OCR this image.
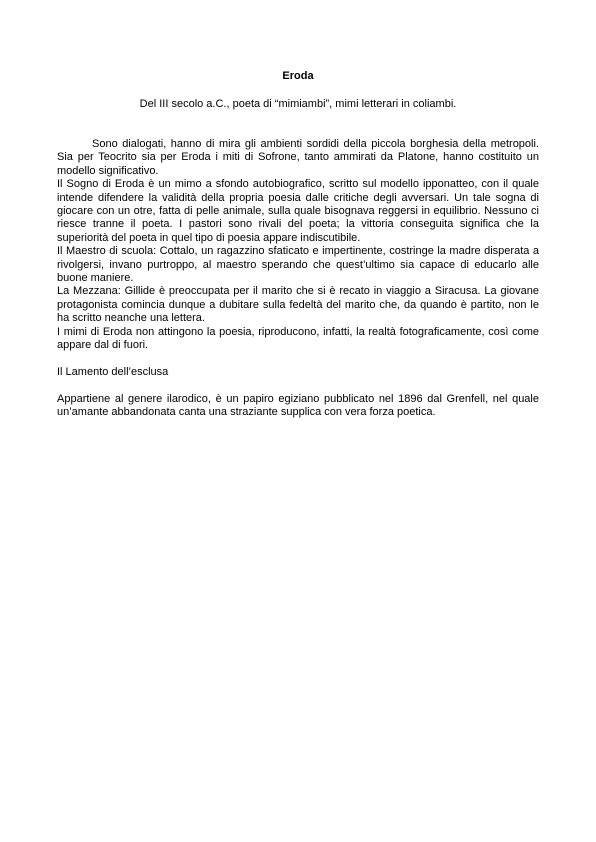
Eroda
Del III secolo a.C., poeta di “mimiambi”, mimi letterari in coliambi.

Sono dialogati, hanno di mira gli ambienti sordidi della piccola borghesia della metropoli. Sia per Teocrito sia per Eroda i miti di Sofrone, tanto ammirati da Platone, hanno costituito un modello significativo.

Il Sogno di Eroda è un mimo a sfondo autobiografico, scritto sul modello ipponatteo, con il quale intende difendere la validità della propria poesia dalle critiche degli avversari. Un tale sogna di giocare con un otre, fatta di pelle animale, sulla quale bisognava reggersi in equilibrio. Nessuno ci riesce tranne il poeta. I pastori sono rivali del poeta; la vittoria conseguita significa che la superiorità del poeta in quel tipo di poesia appare indiscutibile.

Il Maestro di scuola: Cottalo, un ragazzino sfaticato e impertinente, costringe la madre disperata a rivolgersi, invano purtroppo, al maestro sperando che quest’ultimo sia capace di educarlo alle buone maniere.

La Mezzana: Gillide è preoccupata per il marito che si è recato in viaggio a Siracusa. La giovane protagonista comincia dunque a dubitare sulla fedeltà del marito che, da quando è partito, non le ha scritto neanche una lettera.

I mimi di Eroda non attingono la poesia, riproducono, infatti, la realtà fotograficamente, così come appare dal di fuori.

Il Lamento dell’esclusa

Appartiene al genere ilarodico, è un papiro egiziano pubblicato nel 1896 dal Grenfell, nel quale un’amante abbandonata canta una straziante supplica con vera forza poetica.
